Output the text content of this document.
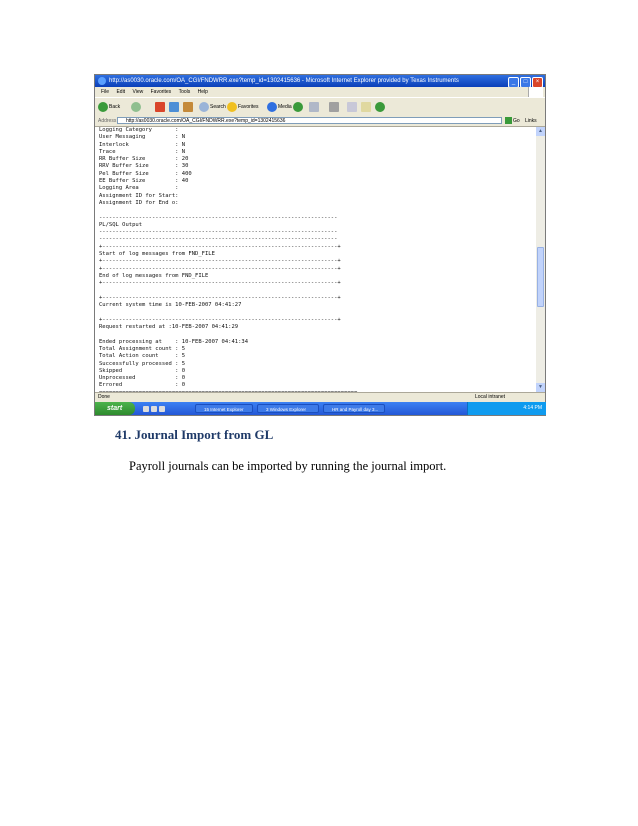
http://as0030.oracle.com/OA_CGI/FNDWRR.exe?temp_id=1302415636 - Microsoft Internet Explorer provided by Texas Instruments	_ □ ×
File Edit View Favorites Tools Help
Back	Search	Favorites	Media
Address	http://as0030.oracle.com/OA_CGI/FNDWRR.exe?temp_id=1302415636	Go Links
Logging Category       :
User Messaging         : N
Interlock              : N
Trace                  : N
RR Buffer Size         : 20
RRV Buffer Size        : 30
Pel Buffer Size        : 400
EE Buffer Size         : 40
Logging Area           :
Assignment ID for Start:
Assignment ID for End o:

------------------------------------------------------------------------
PL/SQL Output
------------------------------------------------------------------------
------------------------------------------------------------------------
+-----------------------------------------------------------------------+
Start of log messages from FND_FILE
+-----------------------------------------------------------------------+
+-----------------------------------------------------------------------+
End of log messages from FND_FILE
+-----------------------------------------------------------------------+

+-----------------------------------------------------------------------+
Current system time is 10-FEB-2007 04:41:27

+-----------------------------------------------------------------------+
Request restarted at :10-FEB-2007 04:41:29

Ended processing at    : 10-FEB-2007 04:41:34
Total Assignment count : 5
Total Action count     : 5
Successfully processed : 5
Skipped                : 0
Unprocessed            : 0
Errored                : 0

▲
▼
Done	Local intranet
start	15 Internet Explorer	3 Windows Explorer	HR and Payroll day 3...	4:14 PM
41. Journal Import from GL

Payroll journals can be imported by running the journal import.
